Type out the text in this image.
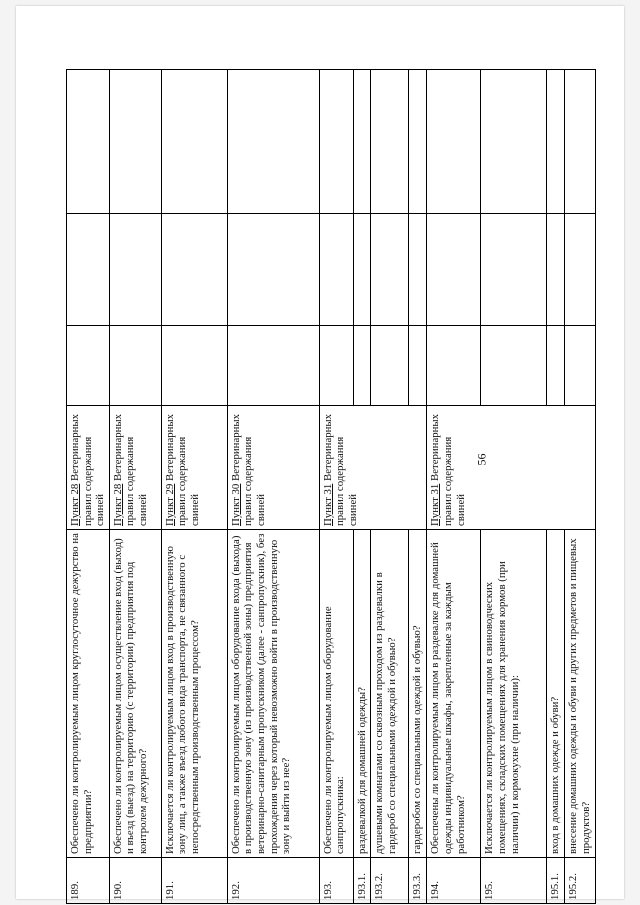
56
189.	Обеспечено ли контролируемым лицом круглосуточное дежурство на предприятии?	Пункт 28 Ветеринарных правил содержания свиней			
190.	Обеспечено ли контролируемым лицом осуществление вход (выход) и въезд (выезд) на территорию (с территории) предприятия под контролем дежурного?	Пункт 28 Ветеринарных правил содержания свиней			
191.	Исключается ли контролируемым лицом вход в производственную зону лиц, а также въезд любого вида транспорта, не связанного с непосредственным производственным процессом?	Пункт 29 Ветеринарных правил содержания свиней			
192.	Обеспечено ли контролируемым лицом оборудование входа (выхода) в производственную зону (из производственной зоны) предприятия ветеринарно-санитарным пропускником (далее - санпропускник), без прохождения через который невозможно войти в производственную зону и выйти из нее?	Пункт 30 Ветеринарных правил содержания свиней			
193.	Обеспечено ли контролируемым лицом оборудование санпропускника:	Пункт 31 Ветеринарных правил содержания свиней			
193.1.	раздевалкой для домашней одежды?				
193.2.	душевыми комнатами со сквозным проходом из раздевалки в гардероб со специальными одеждой и обувью?				
193.3.	гардеробом со специальными одеждой и обувью?				
194.	Обеспечены ли контролируемым лицом в раздевалке для домашней одежды индивидуальные шкафы, закрепленные за каждым работником?	Пункт 31 Ветеринарных правил содержания свиней			
195.	Исключается ли контролируемым лицом в свиноводческих помещениях, складских помещениях для хранения кормов (при наличии) и кормокухне (при наличии):				
195.1.	вход в домашних одежде и обуви?				
195.2.	внесение домашних одежды и обуви и других предметов и пищевых продуктов?				
